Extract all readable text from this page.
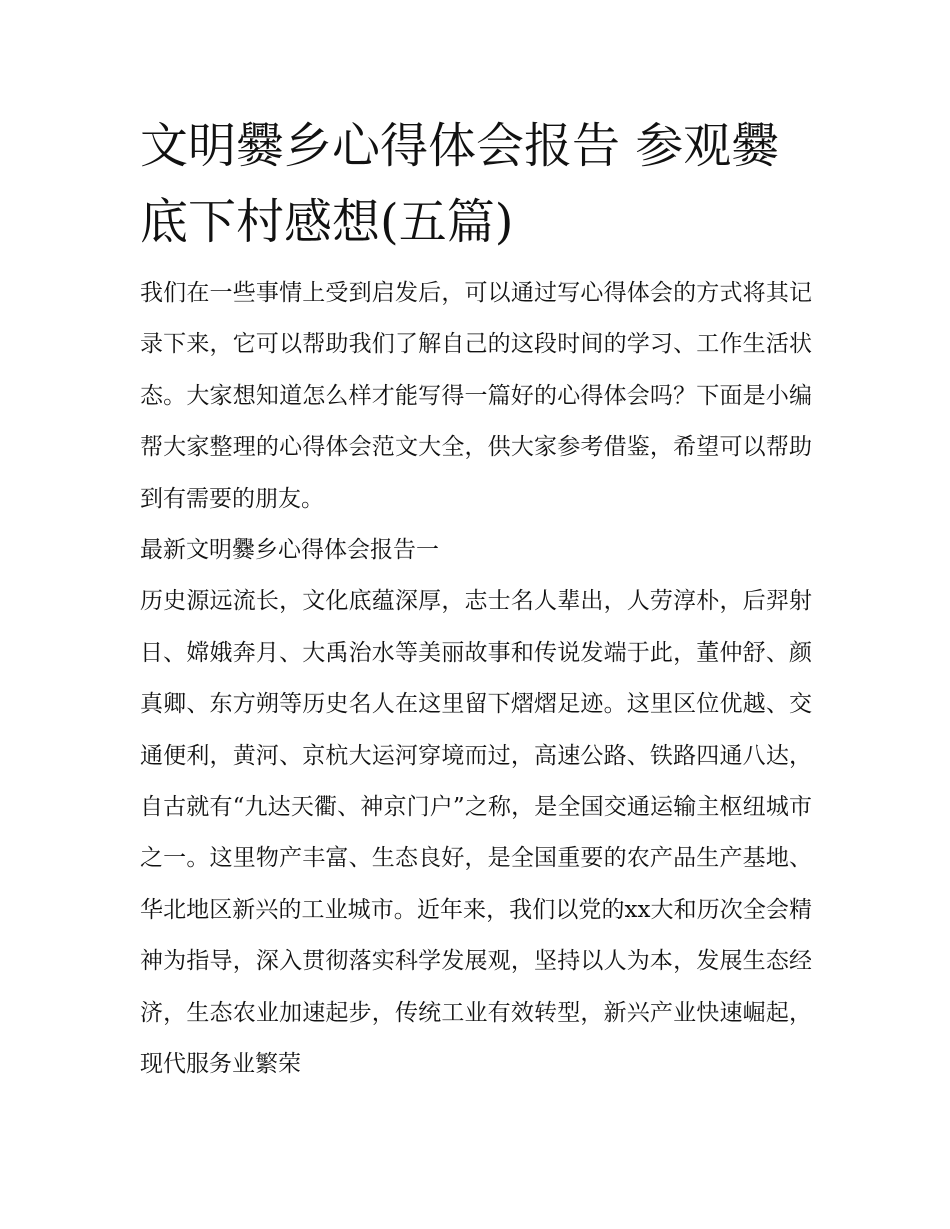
文明爨乡心得体会报告 参观爨底下村感想(五篇)

我们在一些事情上受到启发后，可以通过写心得体会的方式将其记录下来，它可以帮助我们了解自己的这段时间的学习、工作生活状态。大家想知道怎么样才能写得一篇好的心得体会吗？下面是小编帮大家整理的心得体会范文大全，供大家参考借鉴，希望可以帮助到有需要的朋友。

最新文明爨乡心得体会报告一

历史源远流长，文化底蕴深厚，志士名人辈出，人劳淳朴，后羿射日、嫦娥奔月、大禹治水等美丽故事和传说发端于此，董仲舒、颜真卿、东方朔等历史名人在这里留下熠熠足迹。这里区位优越、交通便利，黄河、京杭大运河穿境而过，高速公路、铁路四通八达，自古就有“九达天衢、神京门户”之称，是全国交通运输主枢纽城市之一。这里物产丰富、生态良好，是全国重要的农产品生产基地、华北地区新兴的工业城市。近年来，我们以党的xx大和历次全会精神为指导，深入贯彻落实科学发展观，坚持以人为本，发展生态经济，生态农业加速起步，传统工业有效转型，新兴产业快速崛起，现代服务业繁荣
